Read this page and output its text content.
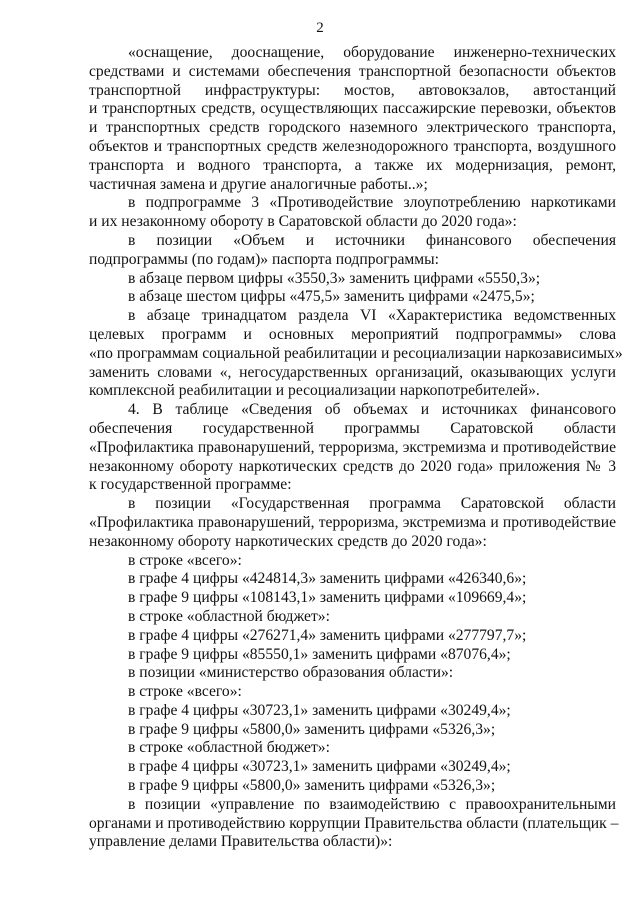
2
«оснащение, дооснащение, оборудование инженерно-технических
средствами и системами обеспечения транспортной безопасности объектов
транспортной инфраструктуры: мостов, автовокзалов, автостанций
и транспортных средств, осуществляющих пассажирские перевозки, объектов
и транспортных средств городского наземного электрического транспорта,
объектов и транспортных средств железнодорожного транспорта, воздушного
транспорта и водного транспорта, а также их модернизация, ремонт,
частичная замена и другие аналогичные работы..»;
в подпрограмме 3 «Противодействие злоупотреблению наркотиками
и их незаконному обороту в Саратовской области до 2020 года»:
в позиции «Объем и источники финансового обеспечения
подпрограммы (по годам)» паспорта подпрограммы:
в абзаце первом цифры «3550,3» заменить цифрами «5550,3»;
в абзаце шестом цифры «475,5» заменить цифрами «2475,5»;
в абзаце тринадцатом раздела VI «Характеристика ведомственных
целевых программ и основных мероприятий подпрограммы» слова
«по программам социальной реабилитации и ресоциализации наркозависимых»
заменить словами «, негосударственных организаций, оказывающих услуги
комплексной реабилитации и ресоциализации наркопотребителей».
4. В таблице «Сведения об объемах и источниках финансового
обеспечения государственной программы Саратовской области
«Профилактика правонарушений, терроризма, экстремизма и противодействие
незаконному обороту наркотических средств до 2020 года» приложения № 3
к государственной программе:
в позиции «Государственная программа Саратовской области
«Профилактика правонарушений, терроризма, экстремизма и противодействие
незаконному обороту наркотических средств до 2020 года»:
в строке «всего»:
в графе 4 цифры «424814,3» заменить цифрами «426340,6»;
в графе 9 цифры «108143,1» заменить цифрами «109669,4»;
в строке «областной бюджет»:
в графе 4 цифры «276271,4» заменить цифрами «277797,7»;
в графе 9 цифры «85550,1» заменить цифрами «87076,4»;
в позиции «министерство образования области»:
в строке «всего»:
в графе 4 цифры «30723,1» заменить цифрами «30249,4»;
в графе 9 цифры «5800,0» заменить цифрами «5326,3»;
в строке «областной бюджет»:
в графе 4 цифры «30723,1» заменить цифрами «30249,4»;
в графе 9 цифры «5800,0» заменить цифрами «5326,3»;
в позиции «управление по взаимодействию с правоохранительными
органами и противодействию коррупции Правительства области (плательщик –
управление делами Правительства области)»:
